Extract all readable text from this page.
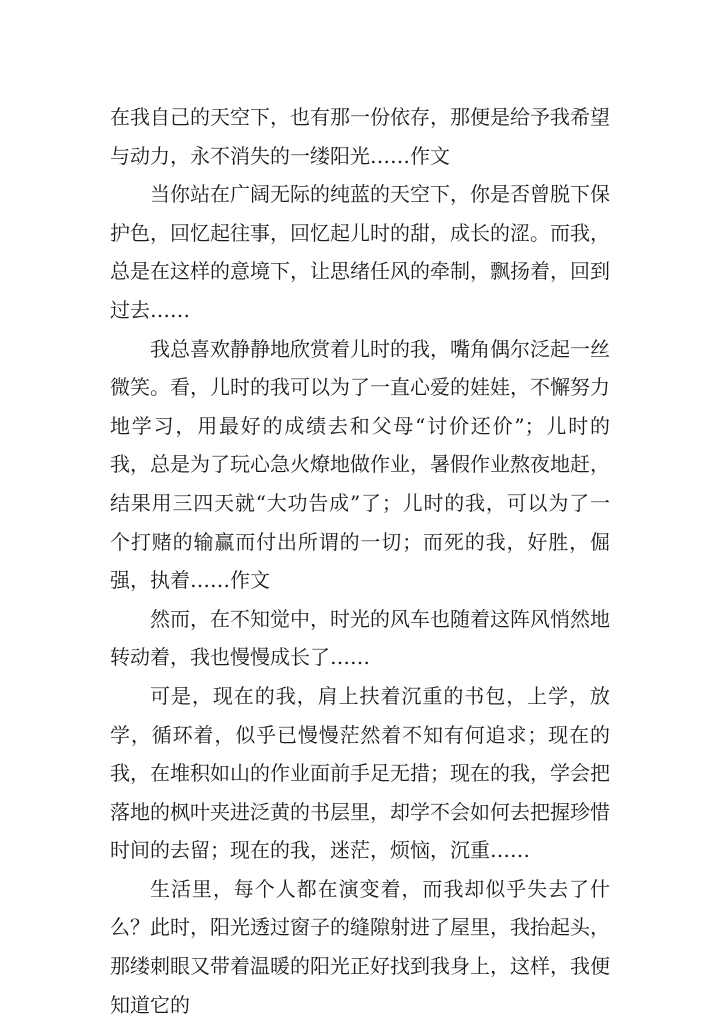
在我自己的天空下，也有那一份依存，那便是给予我希望与动力，永不消失的一缕阳光……作文

当你站在广阔无际的纯蓝的天空下，你是否曾脱下保护色，回忆起往事，回忆起儿时的甜，成长的涩。而我，总是在这样的意境下，让思绪任风的牵制，飘扬着，回到过去……

我总喜欢静静地欣赏着儿时的我，嘴角偶尔泛起一丝微笑。看，儿时的我可以为了一直心爱的娃娃，不懈努力地学习，用最好的成绩去和父母“讨价还价”；儿时的我，总是为了玩心急火燎地做作业，暑假作业熬夜地赶，结果用三四天就“大功告成”了；儿时的我，可以为了一个打赌的输赢而付出所谓的一切；而死的我，好胜，倔强，执着……作文

然而，在不知觉中，时光的风车也随着这阵风悄然地转动着，我也慢慢成长了……

可是，现在的我，肩上扶着沉重的书包，上学，放学，循环着，似乎已慢慢茫然着不知有何追求；现在的我，在堆积如山的作业面前手足无措；现在的我，学会把落地的枫叶夹进泛黄的书层里，却学不会如何去把握珍惜时间的去留；现在的我，迷茫，烦恼，沉重……

生活里，每个人都在演变着，而我却似乎失去了什么？此时，阳光透过窗子的缝隙射进了屋里，我抬起头，那缕刺眼又带着温暖的阳光正好找到我身上，这样，我便知道它的
